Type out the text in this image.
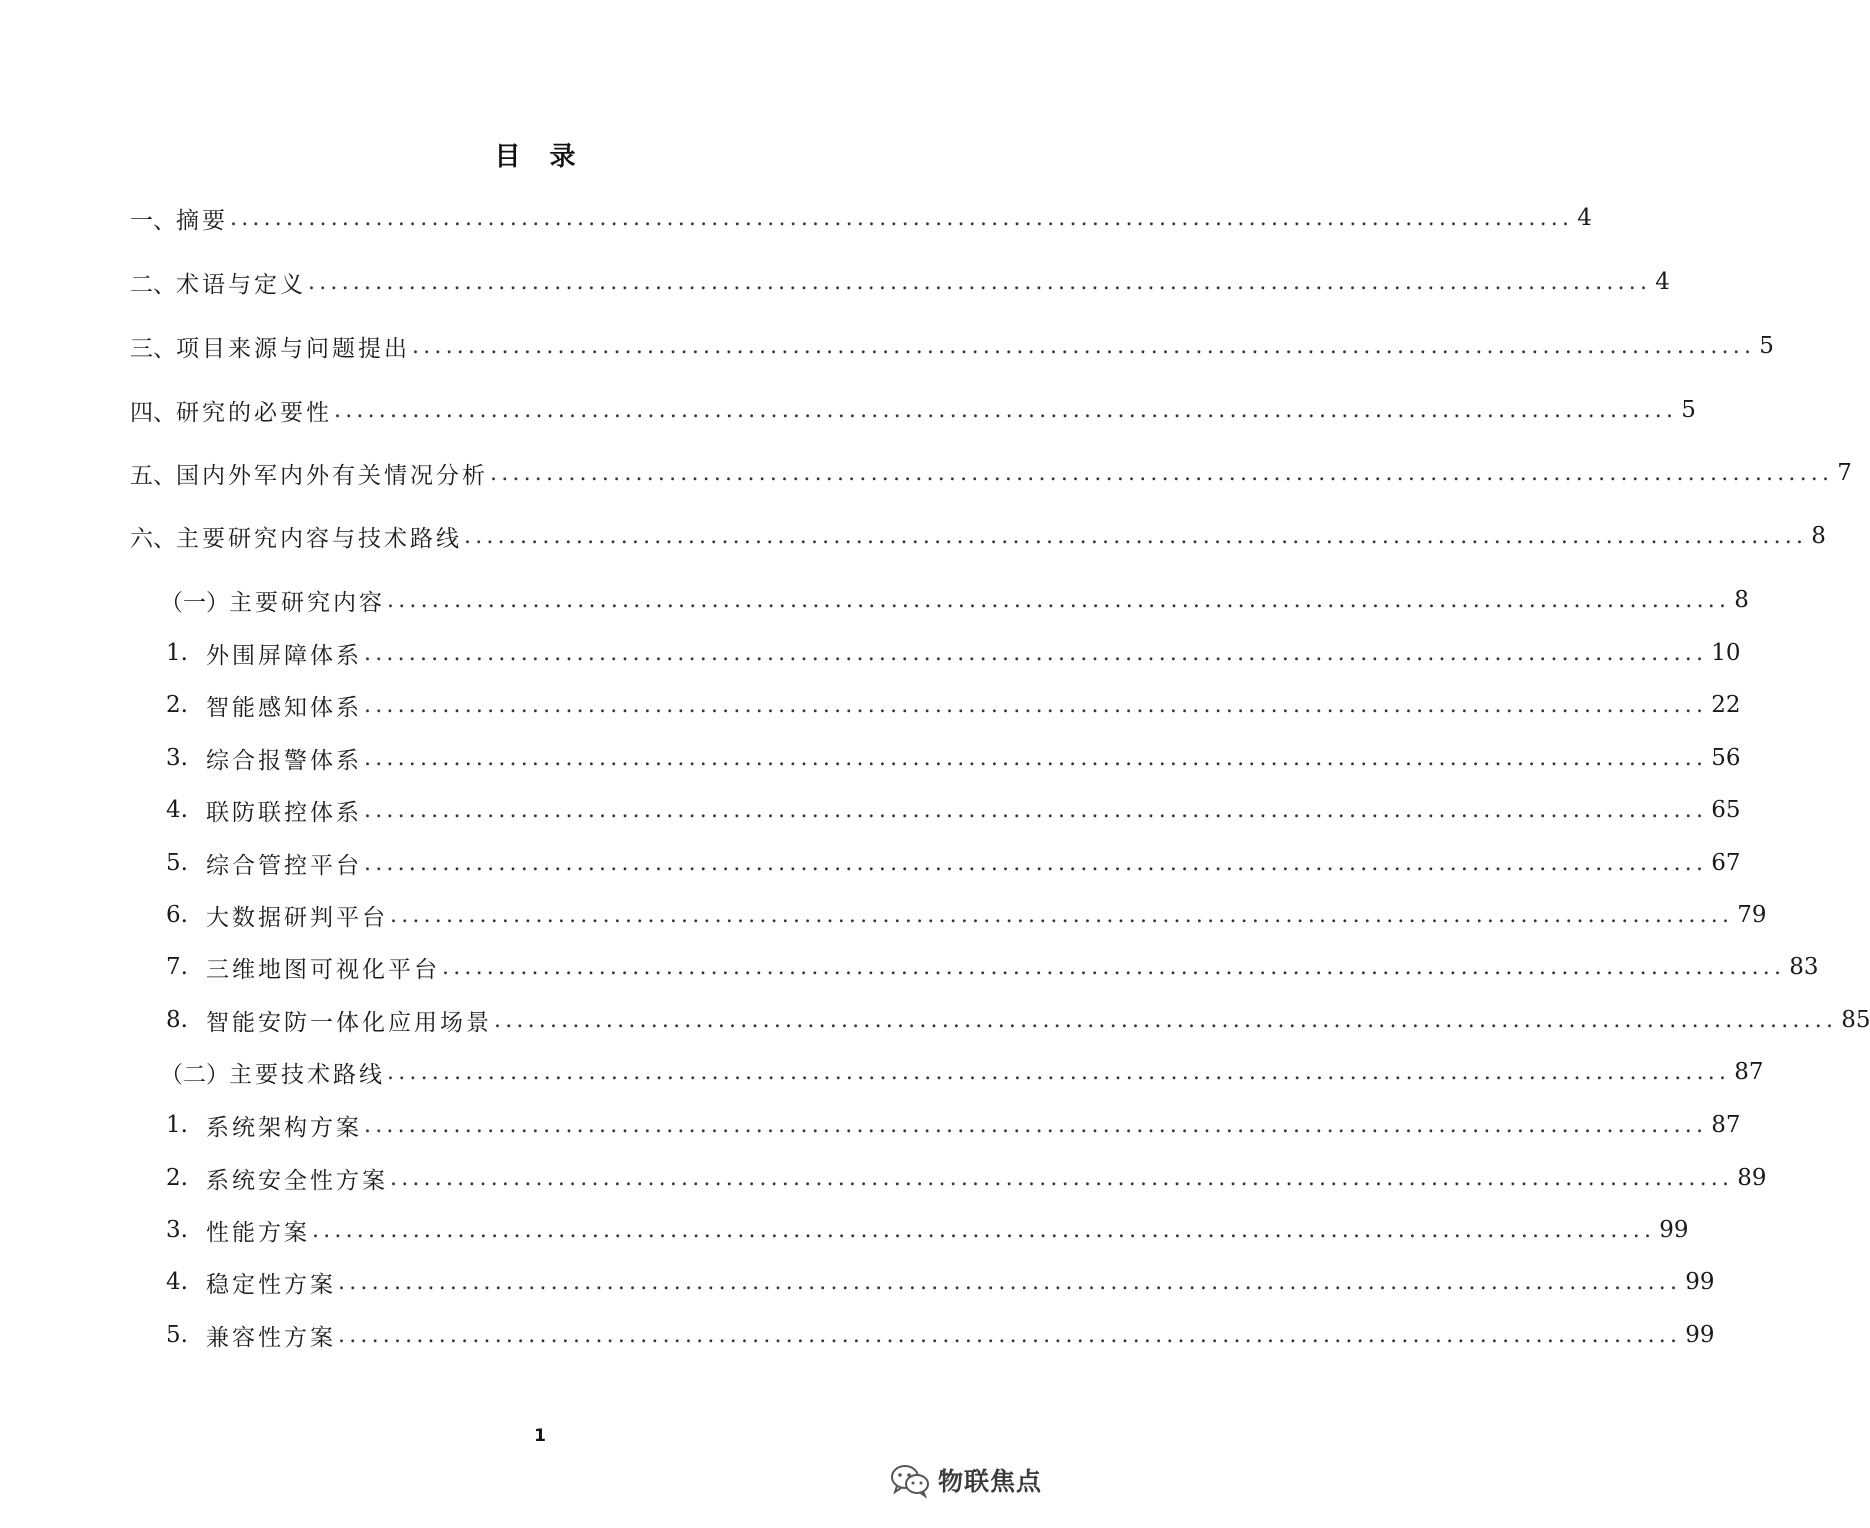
目 录
一、 摘要 ........................................................................................................................ 4
二、 术语与定义 ........................................................................................................................ 4
三、 项目来源与问题提出 ........................................................................................................................ 5
四、 研究的必要性 ........................................................................................................................ 5
五、 国内外军内外有关情况分析 ........................................................................................................................ 7
六、 主要研究内容与技术路线 ........................................................................................................................ 8
（一） 主要研究内容 ........................................................................................................................ 8
1. 外围屏障体系 ........................................................................................................................ 10
2. 智能感知体系 ........................................................................................................................ 22
3. 综合报警体系 ........................................................................................................................ 56
4. 联防联控体系 ........................................................................................................................ 65
5. 综合管控平台 ........................................................................................................................ 67
6. 大数据研判平台 ........................................................................................................................ 79
7. 三维地图可视化平台 ........................................................................................................................ 83
8. 智能安防一体化应用场景 ........................................................................................................................ 85
（二） 主要技术路线 ........................................................................................................................ 87
1. 系统架构方案 ........................................................................................................................ 87
2. 系统安全性方案 ........................................................................................................................ 89
3. 性能方案 ........................................................................................................................ 99
4. 稳定性方案 ........................................................................................................................ 99
5. 兼容性方案 ........................................................................................................................ 99
1
物联焦点
